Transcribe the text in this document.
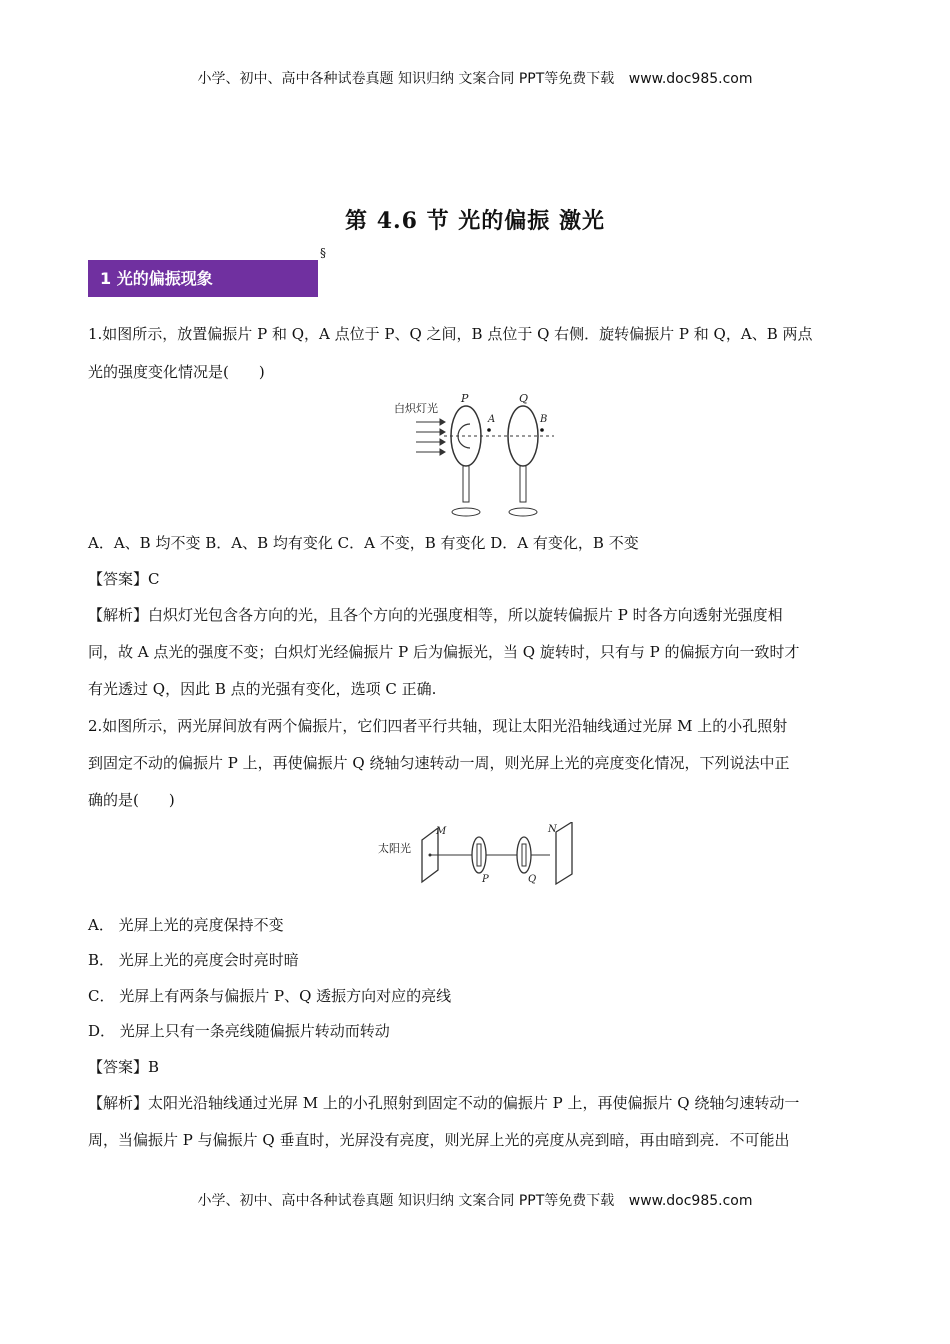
小学、初中、高中各种试卷真题 知识归纳 文案合同 PPT等免费下载 www.doc985.com
第 4.6 节 光的偏振 激光
1 光的偏振现象
§
1.如图所示，放置偏振片 P 和 Q，A 点位于 P、Q 之间，B 点位于 Q 右侧．旋转偏振片 P 和 Q，A、B 两点
光的强度变化情况是(　　)
白炽灯光
P	Q
A	B
A．A、B 均不变 B．A、B 均有变化 C．A 不变，B 有变化 D．A 有变化，B 不变
【答案】C
【解析】白炽灯光包含各方向的光，且各个方向的光强度相等，所以旋转偏振片 P 时各方向透射光强度相
同，故 A 点光的强度不变；白炽灯光经偏振片 P 后为偏振光，当 Q 旋转时，只有与 P 的偏振方向一致时才
有光透过 Q，因此 B 点的光强有变化，选项 C 正确.
2.如图所示，两光屏间放有两个偏振片，它们四者平行共轴，现让太阳光沿轴线通过光屏 M 上的小孔照射
到固定不动的偏振片 P 上，再使偏振片 Q 绕轴匀速转动一周，则光屏上光的亮度变化情况，下列说法中正
确的是(　　)
太阳光
M	N
P	Q
A． 光屏上光的亮度保持不变
B． 光屏上光的亮度会时亮时暗
C． 光屏上有两条与偏振片 P、Q 透振方向对应的亮线
D． 光屏上只有一条亮线随偏振片转动而转动
【答案】B
【解析】太阳光沿轴线通过光屏 M 上的小孔照射到固定不动的偏振片 P 上，再使偏振片 Q 绕轴匀速转动一
周，当偏振片 P 与偏振片 Q 垂直时，光屏没有亮度，则光屏上光的亮度从亮到暗，再由暗到亮．不可能出
小学、初中、高中各种试卷真题 知识归纳 文案合同 PPT等免费下载 www.doc985.com
